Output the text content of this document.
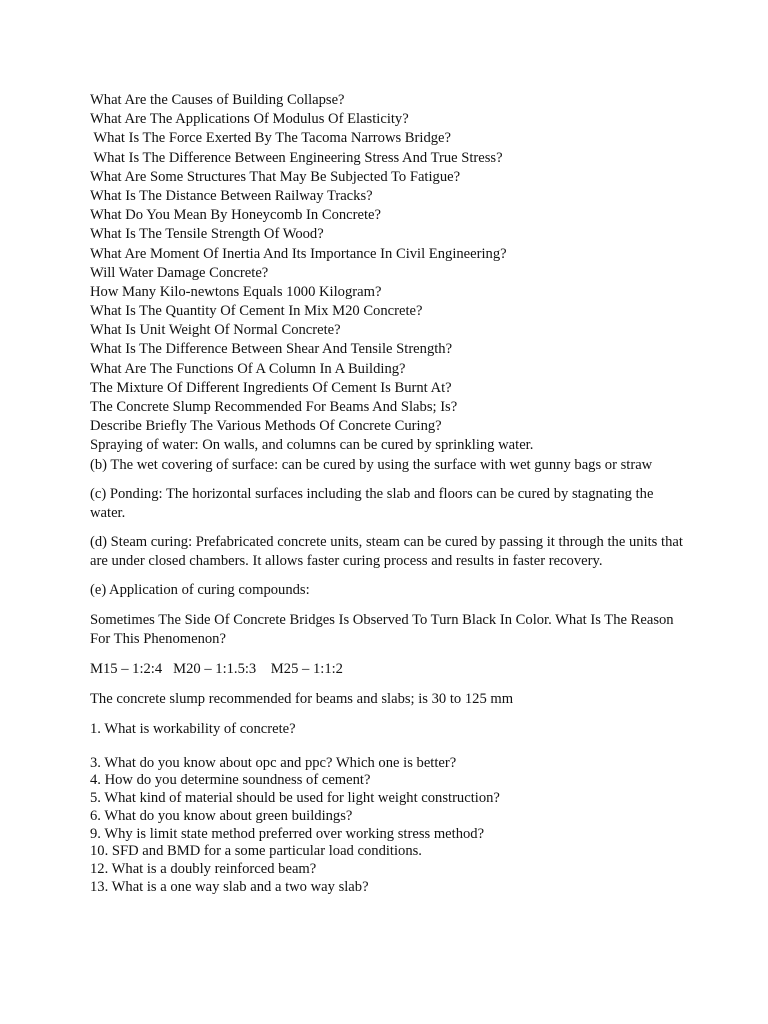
What Are the Causes of Building Collapse?
What Are The Applications Of Modulus Of Elasticity?
What Is The Force Exerted By The Tacoma Narrows Bridge?
What Is The Difference Between Engineering Stress And True Stress?
What Are Some Structures That May Be Subjected To Fatigue?
What Is The Distance Between Railway Tracks?
What Do You Mean By Honeycomb In Concrete?
What Is The Tensile Strength Of Wood?
What Are Moment Of Inertia And Its Importance In Civil Engineering?
Will Water Damage Concrete?
How Many Kilo-newtons Equals 1000 Kilogram?
What Is The Quantity Of Cement In Mix M20 Concrete?
What Is Unit Weight Of Normal Concrete?
What Is The Difference Between Shear And Tensile Strength?
What Are The Functions Of A Column In A Building?
The Mixture Of Different Ingredients Of Cement Is Burnt At?
The Concrete Slump Recommended For Beams And Slabs; Is?
Describe Briefly The Various Methods Of Concrete Curing?
Spraying of water: On walls, and columns can be cured by sprinkling water.
(b) The wet covering of surface: can be cured by using the surface with wet gunny bags or straw

(c) Ponding: The horizontal surfaces including the slab and floors can be cured by stagnating the water.

(d) Steam curing: Prefabricated concrete units, steam can be cured by passing it through the units that are under closed chambers. It allows faster curing process and results in faster recovery.

(e) Application of curing compounds:

Sometimes The Side Of Concrete Bridges Is Observed To Turn Black In Color. What Is The Reason For This Phenomenon?

M15 – 1:2:4   M20 – 1:1.5:3    M25 – 1:1:2

The concrete slump recommended for beams and slabs; is 30 to 125 mm

1. What is workability of concrete?

3. What do you know about opc and ppc? Which one is better?
4. How do you determine soundness of cement?
5. What kind of material should be used for light weight construction?
6. What do you know about green buildings?
9. Why is limit state method preferred over working stress method?
10. SFD and BMD for a some particular load conditions.
12. What is a doubly reinforced beam?
13. What is a one way slab and a two way slab?
